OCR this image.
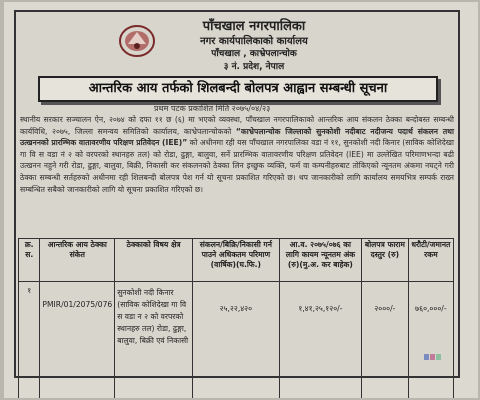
पाँचखाल नगरपालिका
नगर कार्यपालिकाको कार्यालय
पाँचखाल , काभ्रेपलान्चोक
३ नं. प्रदेश, नेपाल
आन्तरिक आय तर्फको शिलबन्दी बोलपत्र आह्वान सम्बन्धी सूचना
प्रथम पटक प्रकाशित मिति २०७५/०४/२३
स्थानीय सरकार सञ्चालन ऐन, २०७४ को दफा ११ छ (६) मा भएको व्यवस्था, पाँचखाल नगरपालिकाको आन्तरिक आय संकलन ठेक्का बन्दोबस्त सम्बन्धी कार्यविधि, २०७५, जिल्ला समन्वय समितिको कार्यालय, काभ्रेपलान्चोकको “काभ्रेपलान्चोक जिल्लाको सुनकोशी नदीबाट नदीजन्य पदार्थ संकलन तथा उत्खननको प्रारम्भिक वातावरणीय परिक्षण प्रतिवेदन (IEE)” को अधीनमा रही यस पाँचखाल नगरपालिका वडा नं ११, सुनकोशी नदी किनार (साविक कोशिदेखा गा वि स वडा नं २ को वरपरको स्थानहरु तल) को रोडा, ढुङ्गा, बालुवा, सर्ने प्रारम्भिक वातावरणीय परिक्षण प्रतिवेदन (IEE) मा उल्लेखित परिमाणभन्दा बढी उत्खनन नहुने गरी रोडा, ढुङ्गा, बालुवा, बिक्री, निकासी कर संकलनको ठेक्का लिन इच्छुक व्यक्ति, फर्म वा कम्पनीहरुबाट तोकिएको न्यूनतम अंकमा नघट्ने गरी ठेक्का सम्बन्धी सर्तहरुको अधीनमा रही शिलबन्दी बोलपत्र पेश गर्न यो सूचना प्रकाशित गरिएको छ। थप जानकारीको लागि कार्यालय समयभित्र सम्पर्क राख्न सम्बन्धित सबैको जानकारीको लागि यो सूचना प्रकाशित गरिएको छ।
क्र. स.	आन्तरिक आय ठेक्का संकेत	ठेक्काको विषय क्षेत्र	संकलन/बिक्रि/निकासी गर्न पाउने अधिकतम परिमाण (वार्षिक)(घ.फि.)	आ.व. २०७५/०७६ का लागि कायम न्यूनतम अंक (रु)(मु.अ. कर बाहेक)	बोलपत्र फाराम दस्तुर (रु)	धरौटी/जमानत रकम
१	PMIR/01/2075/076	सुनकोशी नदी किनार (साविक कोशिदेखा गा वि स वडा न २ को वरपरको स्थानहरु तल) रोडा, ढुङ्गा, बालुवा, बिक्री एवं निकासी	२५,२२,४२०	१,४१,२५,१२०/-	२०००/-	७६०,०००/-
